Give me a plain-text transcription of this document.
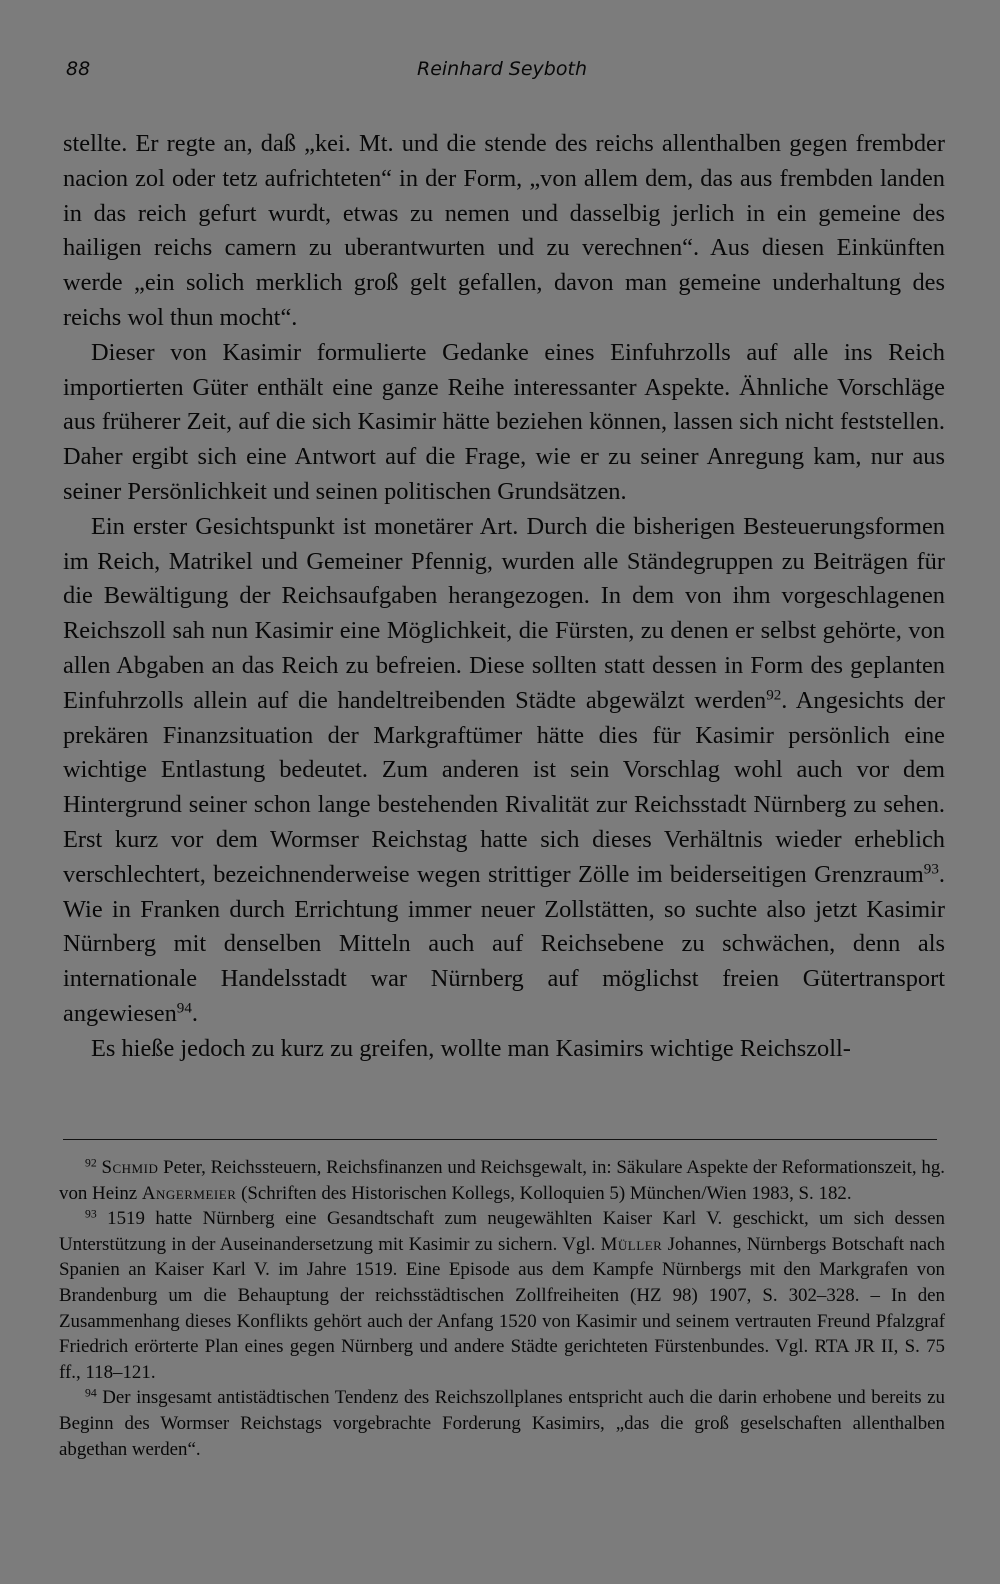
88	Reinhard Seyboth

stellte. Er regte an, daß „kei. Mt. und die stende des reichs allenthalben gegen frembder nacion zol oder tetz aufrichteten“ in der Form, „von allem dem, das aus frembden landen in das reich gefurt wurdt, etwas zu nemen und dasselbig jerlich in ein gemeine des hailigen reichs camern zu uberantwurten und zu verechnen“. Aus diesen Einkünften werde „ein solich merklich groß gelt gefallen, davon man gemeine underhaltung des reichs wol thun mocht“.

Dieser von Kasimir formulierte Gedanke eines Einfuhrzolls auf alle ins Reich importierten Güter enthält eine ganze Reihe interessanter Aspekte. Ähnliche Vorschläge aus früherer Zeit, auf die sich Kasimir hätte beziehen können, lassen sich nicht feststellen. Daher ergibt sich eine Antwort auf die Frage, wie er zu seiner Anregung kam, nur aus seiner Persönlichkeit und seinen politischen Grundsätzen.

Ein erster Gesichtspunkt ist monetärer Art. Durch die bisherigen Besteuerungsformen im Reich, Matrikel und Gemeiner Pfennig, wurden alle Ständegruppen zu Beiträgen für die Bewältigung der Reichsaufgaben herangezogen. In dem von ihm vorgeschlagenen Reichszoll sah nun Kasimir eine Möglichkeit, die Fürsten, zu denen er selbst gehörte, von allen Abgaben an das Reich zu befreien. Diese sollten statt dessen in Form des geplanten Einfuhrzolls allein auf die handeltreibenden Städte abgewälzt werden$^{92}$. Angesichts der prekären Finanzsituation der Markgraftümer hätte dies für Kasimir persönlich eine wichtige Entlastung bedeutet. Zum anderen ist sein Vorschlag wohl auch vor dem Hintergrund seiner schon lange bestehenden Rivalität zur Reichsstadt Nürnberg zu sehen. Erst kurz vor dem Wormser Reichstag hatte sich dieses Verhältnis wieder erheblich verschlechtert, bezeichnenderweise wegen strittiger Zölle im beiderseitigen Grenzraum$^{93}$. Wie in Franken durch Errichtung immer neuer Zollstätten, so suchte also jetzt Kasimir Nürnberg mit denselben Mitteln auch auf Reichsebene zu schwächen, denn als internationale Handelsstadt war Nürnberg auf möglichst freien Gütertransport angewiesen$^{94}$.

Es hieße jedoch zu kurz zu greifen, wollte man Kasimirs wichtige Reichszoll-

$^{92}$ Schmid Peter, Reichssteuern, Reichsfinanzen und Reichsgewalt, in: Säkulare Aspekte der Reformationszeit, hg. von Heinz Angermeier (Schriften des Historischen Kollegs, Kolloquien 5) München/Wien 1983, S. 182.

$^{93}$ 1519 hatte Nürnberg eine Gesandtschaft zum neugewählten Kaiser Karl V. geschickt, um sich dessen Unterstützung in der Auseinandersetzung mit Kasimir zu sichern. Vgl. Müller Johannes, Nürnbergs Botschaft nach Spanien an Kaiser Karl V. im Jahre 1519. Eine Episode aus dem Kampfe Nürnbergs mit den Markgrafen von Brandenburg um die Behauptung der reichsstädtischen Zollfreiheiten (HZ 98) 1907, S. 302–328. – In den Zusammenhang dieses Konflikts gehört auch der Anfang 1520 von Kasimir und seinem vertrauten Freund Pfalzgraf Friedrich erörterte Plan eines gegen Nürnberg und andere Städte gerichteten Fürstenbundes. Vgl. RTA JR II, S. 75 ff., 118–121.

$^{94}$ Der insgesamt antistädtischen Tendenz des Reichszollplanes entspricht auch die darin erhobene und bereits zu Beginn des Wormser Reichstags vorgebrachte Forderung Kasimirs, „das die groß geselschaften allenthalben abgethan werden“.
